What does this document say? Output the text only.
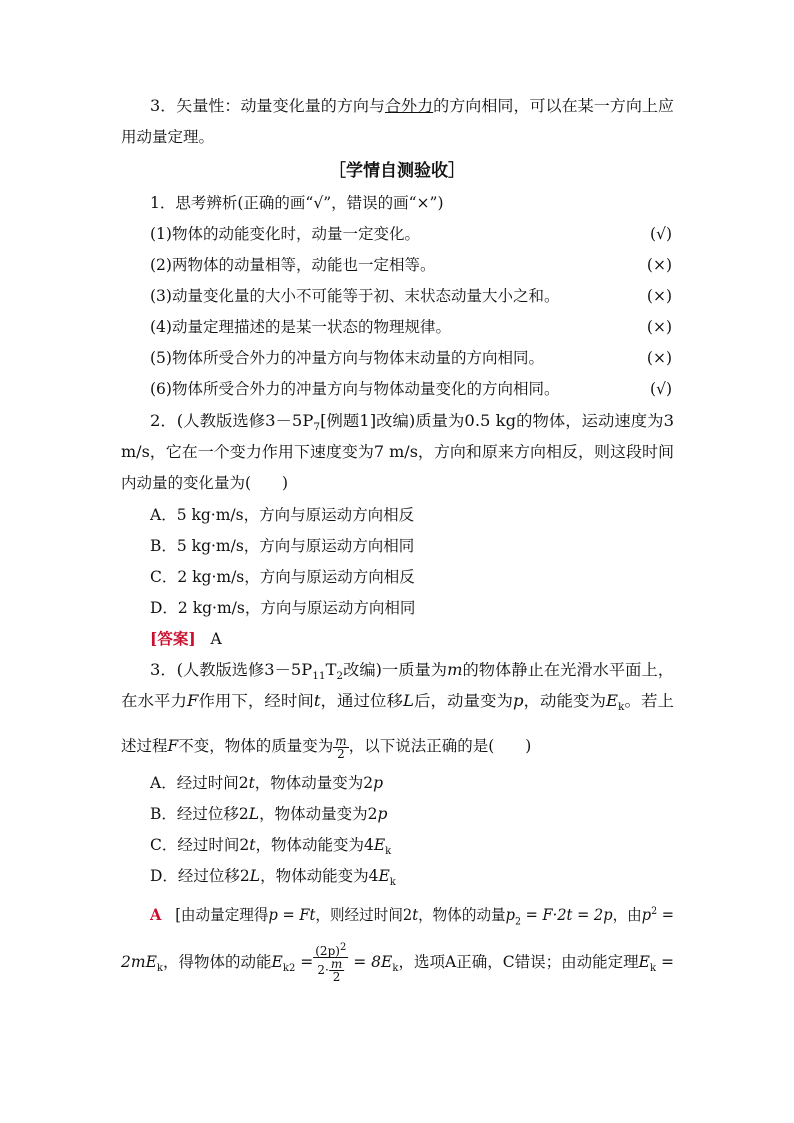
3．矢量性：动量变化量的方向与合外力的方向相同，可以在某一方向上应
用动量定理。
［学情自测验收］
1．思考辨析(正确的画“√”，错误的画“×”)
(1)物体的动能变化时，动量一定变化。	(√)
(2)两物体的动量相等，动能也一定相等。	(×)
(3)动量变化量的大小不可能等于初、末状态动量大小之和。	(×)
(4)动量定理描述的是某一状态的物理规律。	(×)
(5)物体所受合外力的冲量方向与物体末动量的方向相同。	(×)
(6)物体所受合外力的冲量方向与物体动量变化的方向相同。	(√)
2．(人教版选修$3-5P_7$[例题1]改编)质量为0.5 kg的物体，运动速度为3
m/s，它在一个变力作用下速度变为7 m/s，方向和原来方向相反，则这段时间
内动量的变化量为(　　)
A．5 kg·m/s，方向与原运动方向相反
B．5 kg·m/s，方向与原运动方向相同
C．2 kg·m/s，方向与原运动方向相反
D．2 kg·m/s，方向与原运动方向相同
[答案] A
3．(人教版选修$3-5P_{11}T_2$改编)一质量为m的物体静止在光滑水平面上，
在水平力F作用下，经时间t，通过位移L后，动量变为p，动能变为$E_k$。若上
述过程F不变，物体的质量变为 $\frac{m}{2}$ ，以下说法正确的是(　　)
A．经过时间2t，物体动量变为2p
B．经过位移2L，物体动量变为2p
C．经过时间2t，物体动能变为$4E_k$
D．经过位移2L，物体动能变为$4E_k$
A [由动量定理得p = Ft，则经过时间2t，物体的动量$p_2 = F\cdot 2t = 2p$，由$p^2$ =
$2mE_k$，得物体的动能$E_{k2} = \frac{(2p)^2}{2\cdot \frac{m}{2}} = 8E_k$，选项A正确，C错误；由动能定理$E_k$ =
